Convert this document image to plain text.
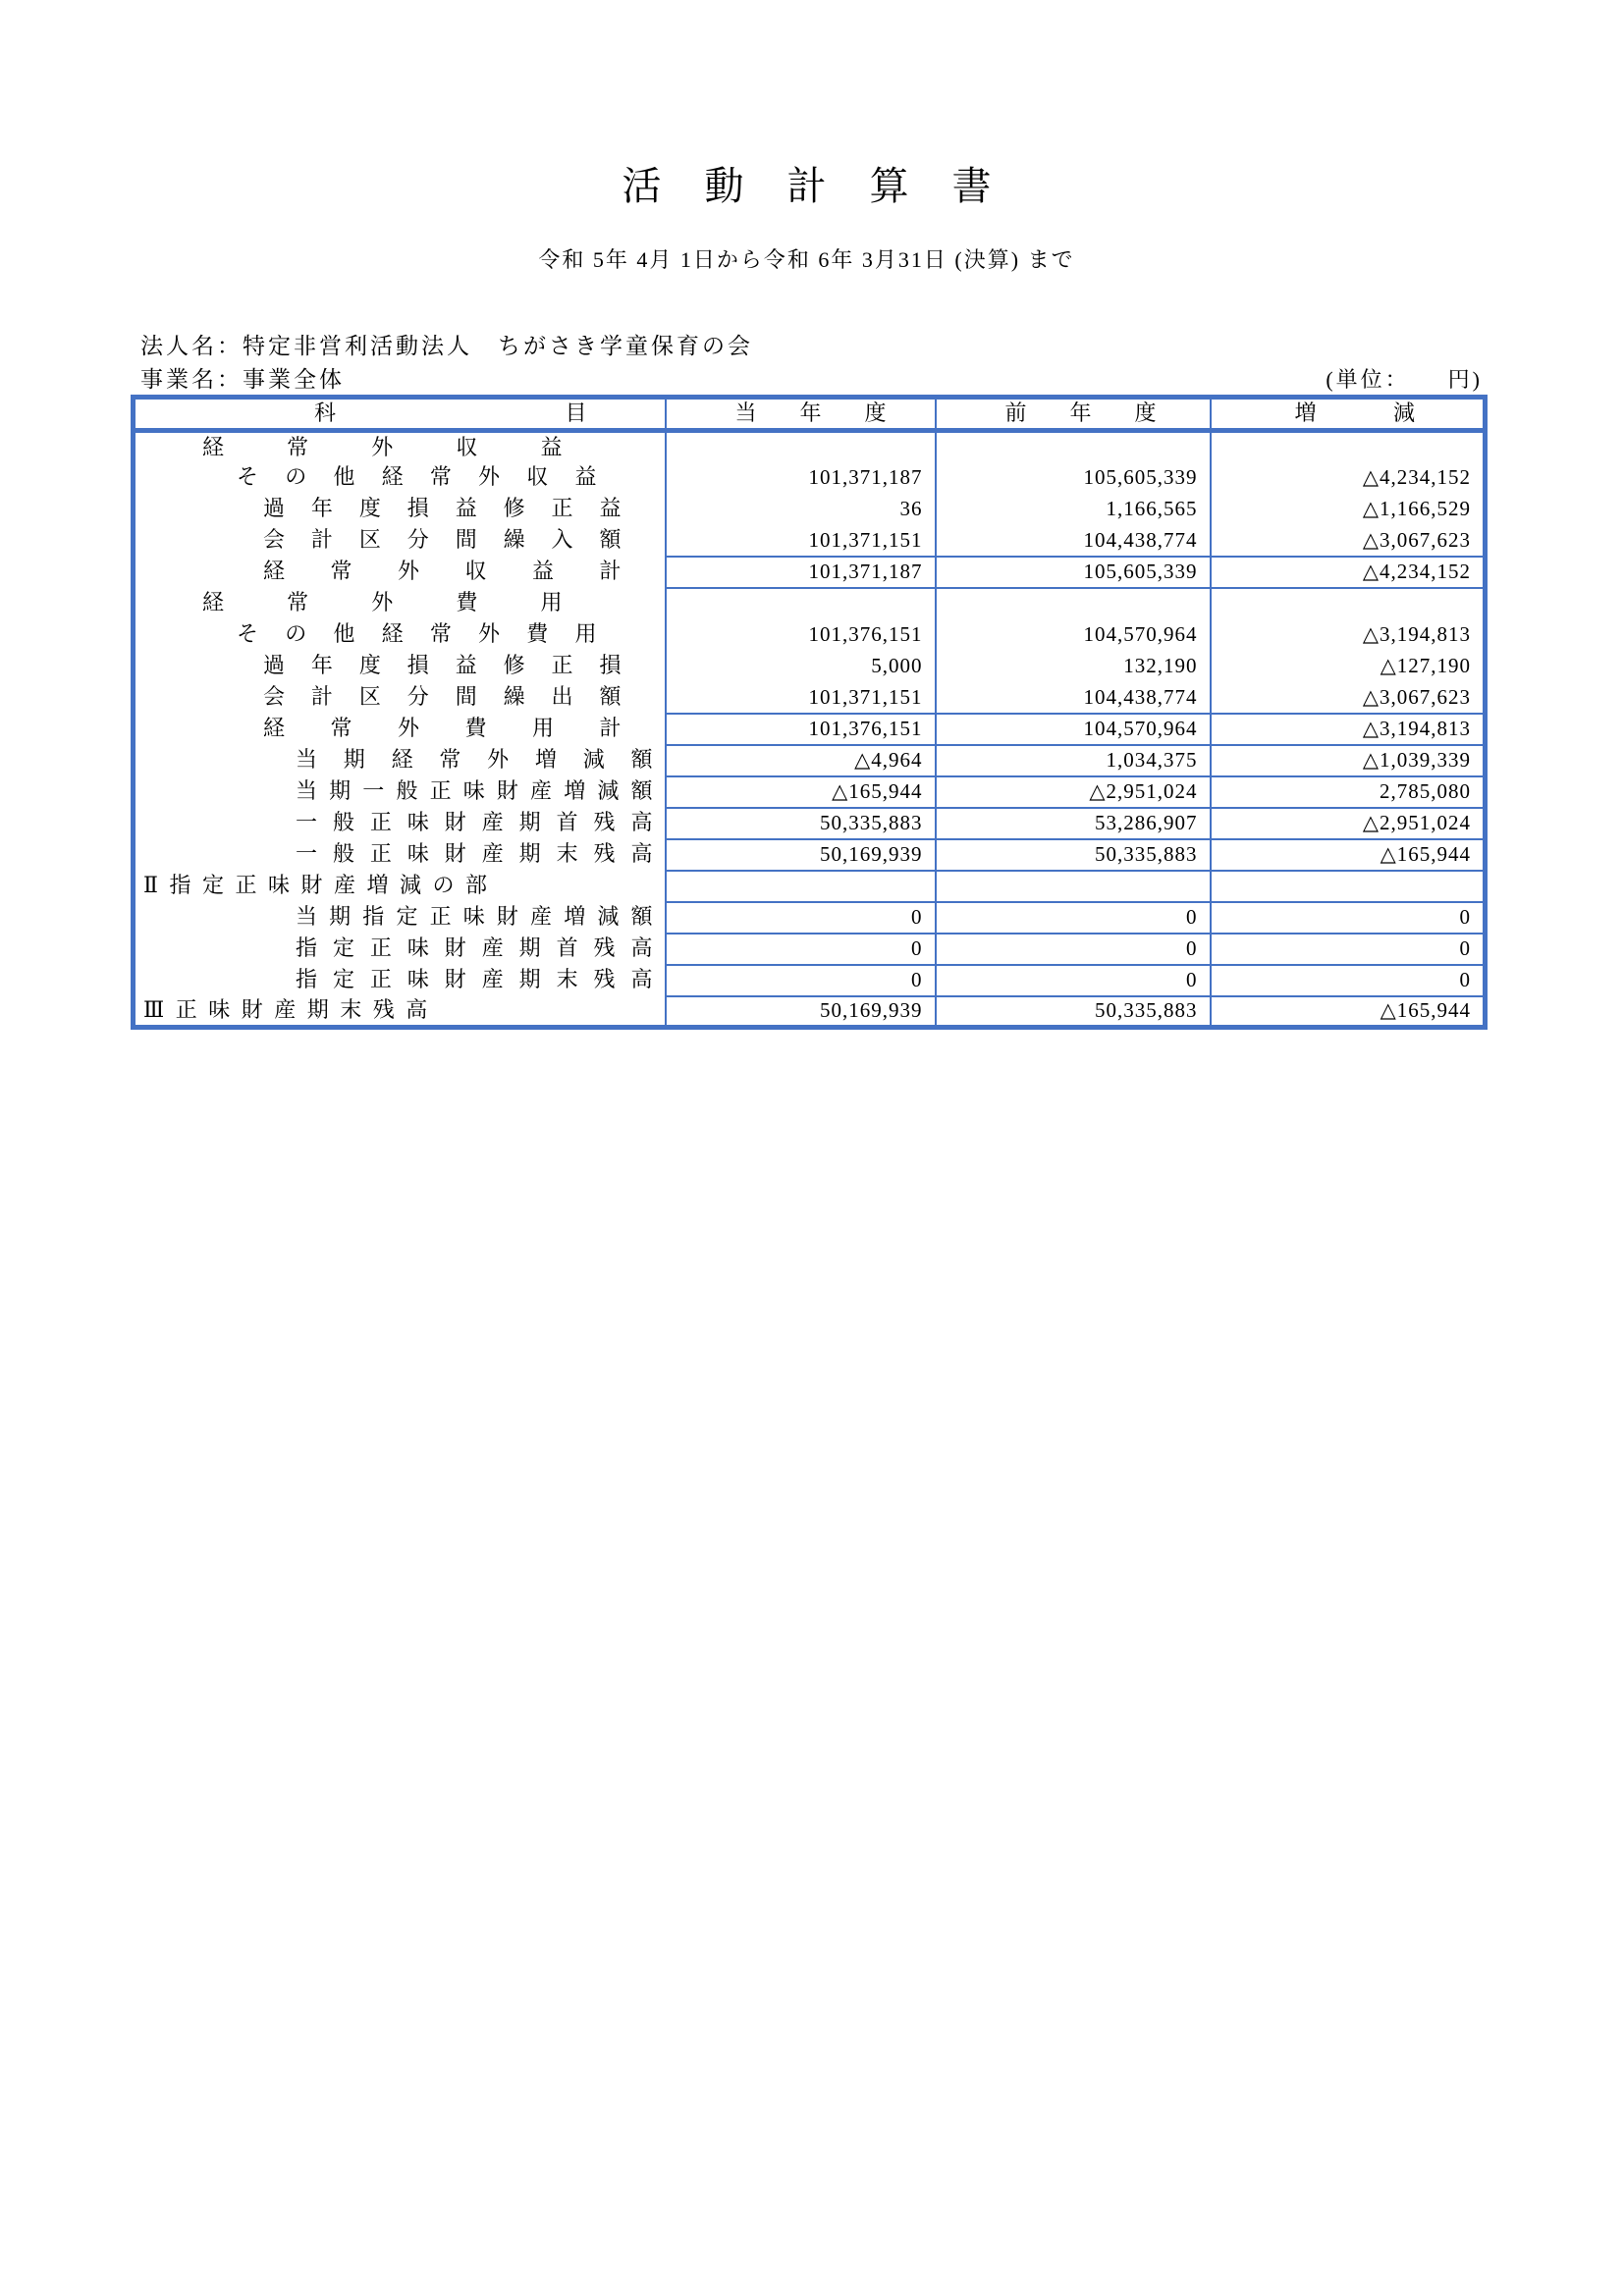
活 動 計 算 書
令和 5年 4月 1日から令和 6年 3月31日 (決算) まで
法人名：特定非営利活動法人　ちがさき学童保育の会
事業名：事業全体	(単位：　　円)
科 目	当 年 度	前 年 度	増 減

経 常 外 収 益			

そ の 他 経 常 外 収 益	101,371,187	105,605,339	△4,234,152

過 年 度 損 益 修 正 益	36	1,166,565	△1,166,529

会 計 区 分 間 繰 入 額	101,371,151	104,438,774	△3,067,623

経 常 外 収 益 計	101,371,187	105,605,339	△4,234,152

経 常 外 費 用			

そ の 他 経 常 外 費 用	101,376,151	104,570,964	△3,194,813

過 年 度 損 益 修 正 損	5,000	132,190	△127,190

会 計 区 分 間 繰 出 額	101,371,151	104,438,774	△3,067,623

経 常 外 費 用 計	101,376,151	104,570,964	△3,194,813

当 期 経 常 外 増 減 額	△4,964	1,034,375	△1,039,339

当 期 一 般 正 味 財 産 増 減 額	△165,944	△2,951,024	2,785,080

一 般 正 味 財 産 期 首 残 高	50,335,883	53,286,907	△2,951,024

一 般 正 味 財 産 期 末 残 高	50,169,939	50,335,883	△165,944

Ⅱ 指 定 正 味 財 産 増 減 の 部			

当 期 指 定 正 味 財 産 増 減 額	0	0	0

指 定 正 味 財 産 期 首 残 高	0	0	0

指 定 正 味 財 産 期 末 残 高	0	0	0

Ⅲ 正 味 財 産 期 末 残 高	50,169,939	50,335,883	△165,944
